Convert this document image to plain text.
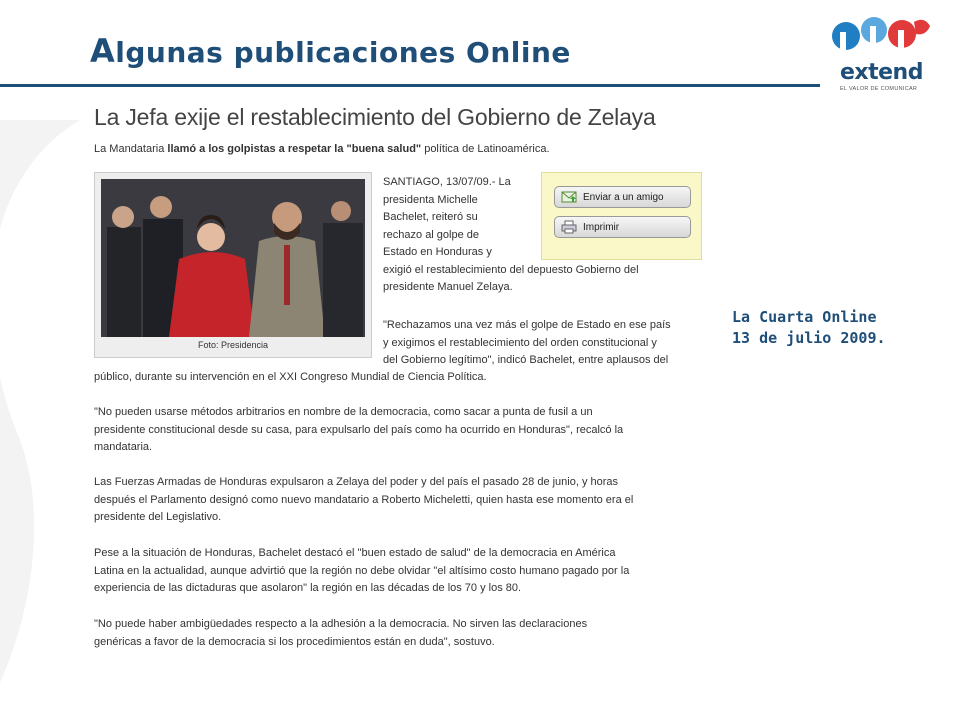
Algunas publicaciones Online
extend
EL VALOR DE COMUNICAR
La Jefa exije el restablecimiento del Gobierno de Zelaya

La Mandataria llamó a los golpistas a respetar la "buena salud" política de Latinoamérica.

Foto: Presidencia
Enviar a un amigo
Imprimir
SANTIAGO, 13/07/09.- La
presidenta Michelle
Bachelet, reiteró su
rechazo al golpe de
Estado en Honduras y
exigió el restablecimiento del depuesto Gobierno del
presidente Manuel Zelaya.
"Rechazamos una vez más el golpe de Estado en ese país
y exigimos el restablecimiento del orden constitucional y
del Gobierno legítimo", indicó Bachelet, entre aplausos del
público, durante su intervención en el XXI Congreso Mundial de Ciencia Política.
"No pueden usarse métodos arbitrarios en nombre de la democracia, como sacar a punta de fusil a un
presidente constitucional desde su casa, para expulsarlo del país como ha ocurrido en Honduras", recalcó la
mandataria.
Las Fuerzas Armadas de Honduras expulsaron a Zelaya del poder y del país el pasado 28 de junio, y horas
después el Parlamento designó como nuevo mandatario a Roberto Micheletti, quien hasta ese momento era el
presidente del Legislativo.
Pese a la situación de Honduras, Bachelet destacó el "buen estado de salud" de la democracia en América
Latina en la actualidad, aunque advirtió que la región no debe olvidar "el altísimo costo humano pagado por la
experiencia de las dictaduras que asolaron" la región en las décadas de los 70 y los 80.
"No puede haber ambigüedades respecto a la adhesión a la democracia. No sirven las declaraciones
genéricas a favor de la democracia si los procedimientos están en duda", sostuvo.
La Cuarta Online
13 de julio 2009.
